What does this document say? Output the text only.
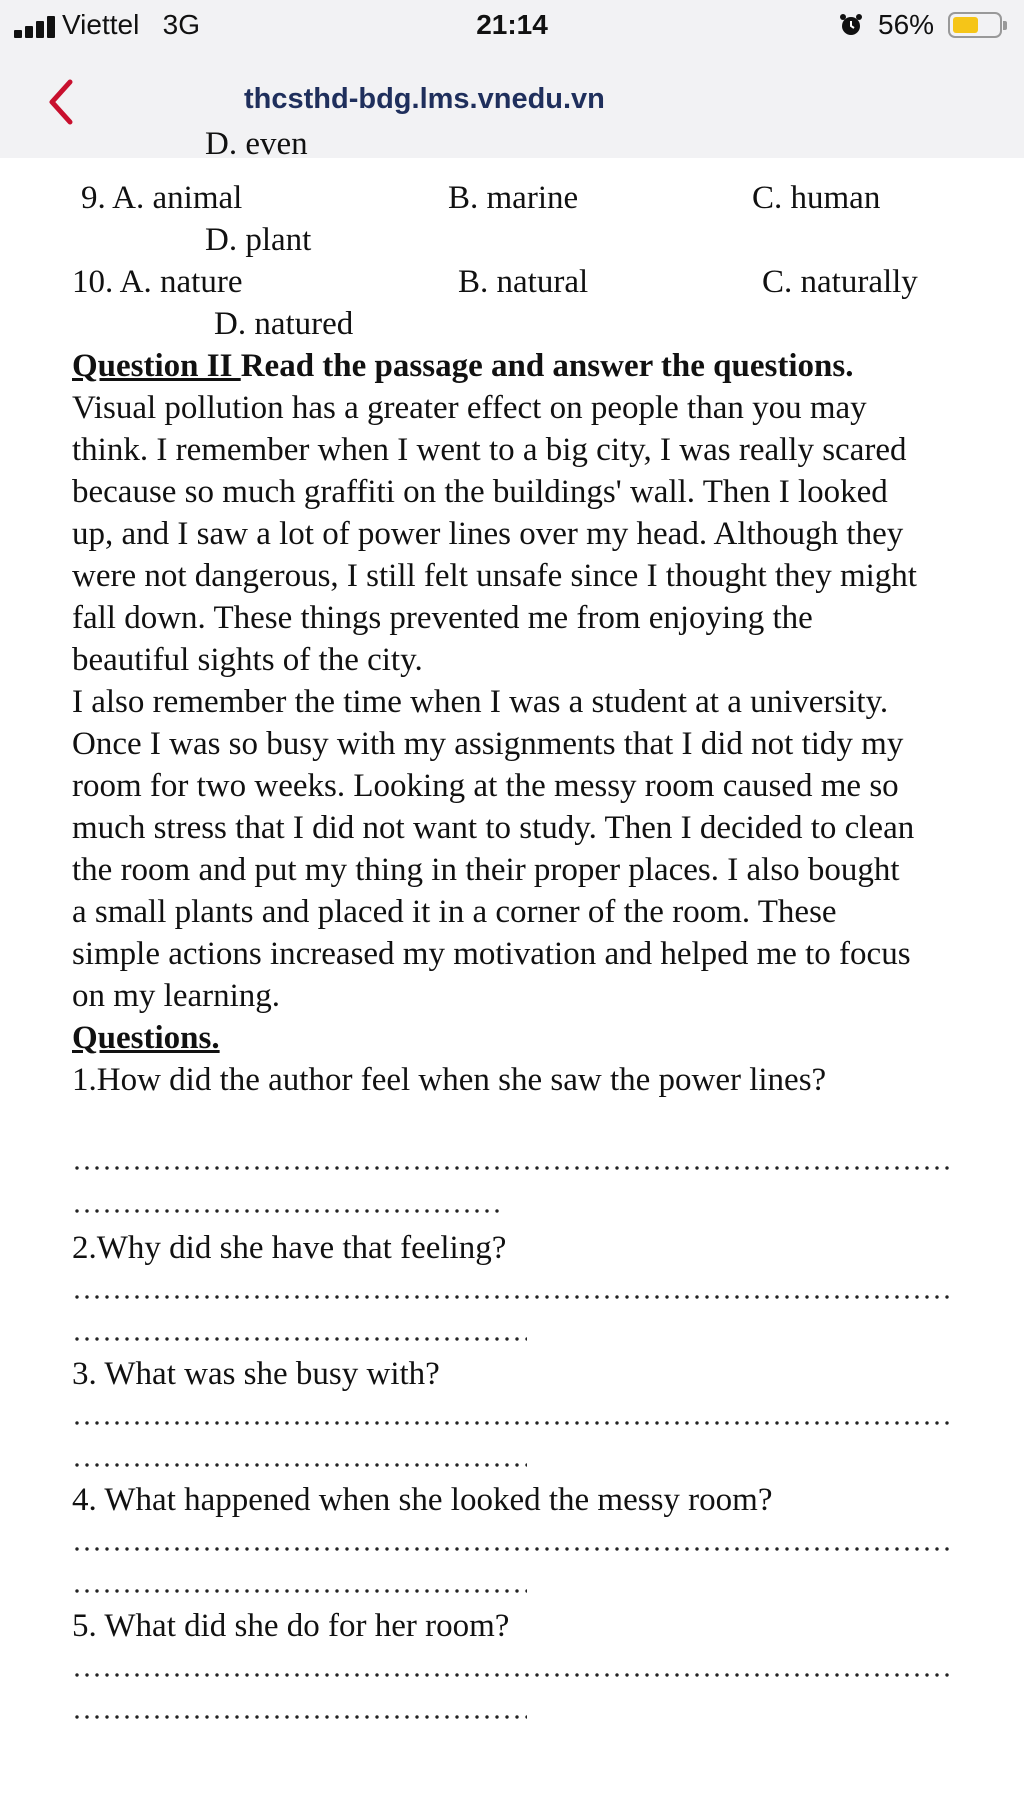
Viettel 3G	21:14	56%
thcsthd-bdg.lms.vnedu.vn
D. even
9. A. animal	B. marine	C. human
D. plant
10. A. nature	B. natural	C. naturally
D. natured
Question II Read the passage and answer the questions.
Visual pollution has a greater effect on people than you may
think. I remember when I went to a big city, I was really scared
because so much graffiti on the buildings' wall. Then I looked
up, and I saw a lot of power lines over my head. Although they
were not dangerous, I still felt unsafe since I thought they might
fall down. These things prevented me from enjoying the
beautiful sights of the city.
I also remember the time when I was a student at a university.
Once I was so busy with my assignments that I did not tidy my
room for two weeks. Looking at the messy room caused me so
much stress that I did not want to study. Then I decided to clean
the room and put my thing in their proper places. I also bought
a small plants and placed it in a corner of the room. These
simple actions increased my motivation and helped me to focus
on my learning.
Questions.
1.How did the author feel when she saw the power lines?
2.Why did she have that feeling?
3. What was she busy with?
4. What happened when she looked the messy room?
5. What did she do for her room?
